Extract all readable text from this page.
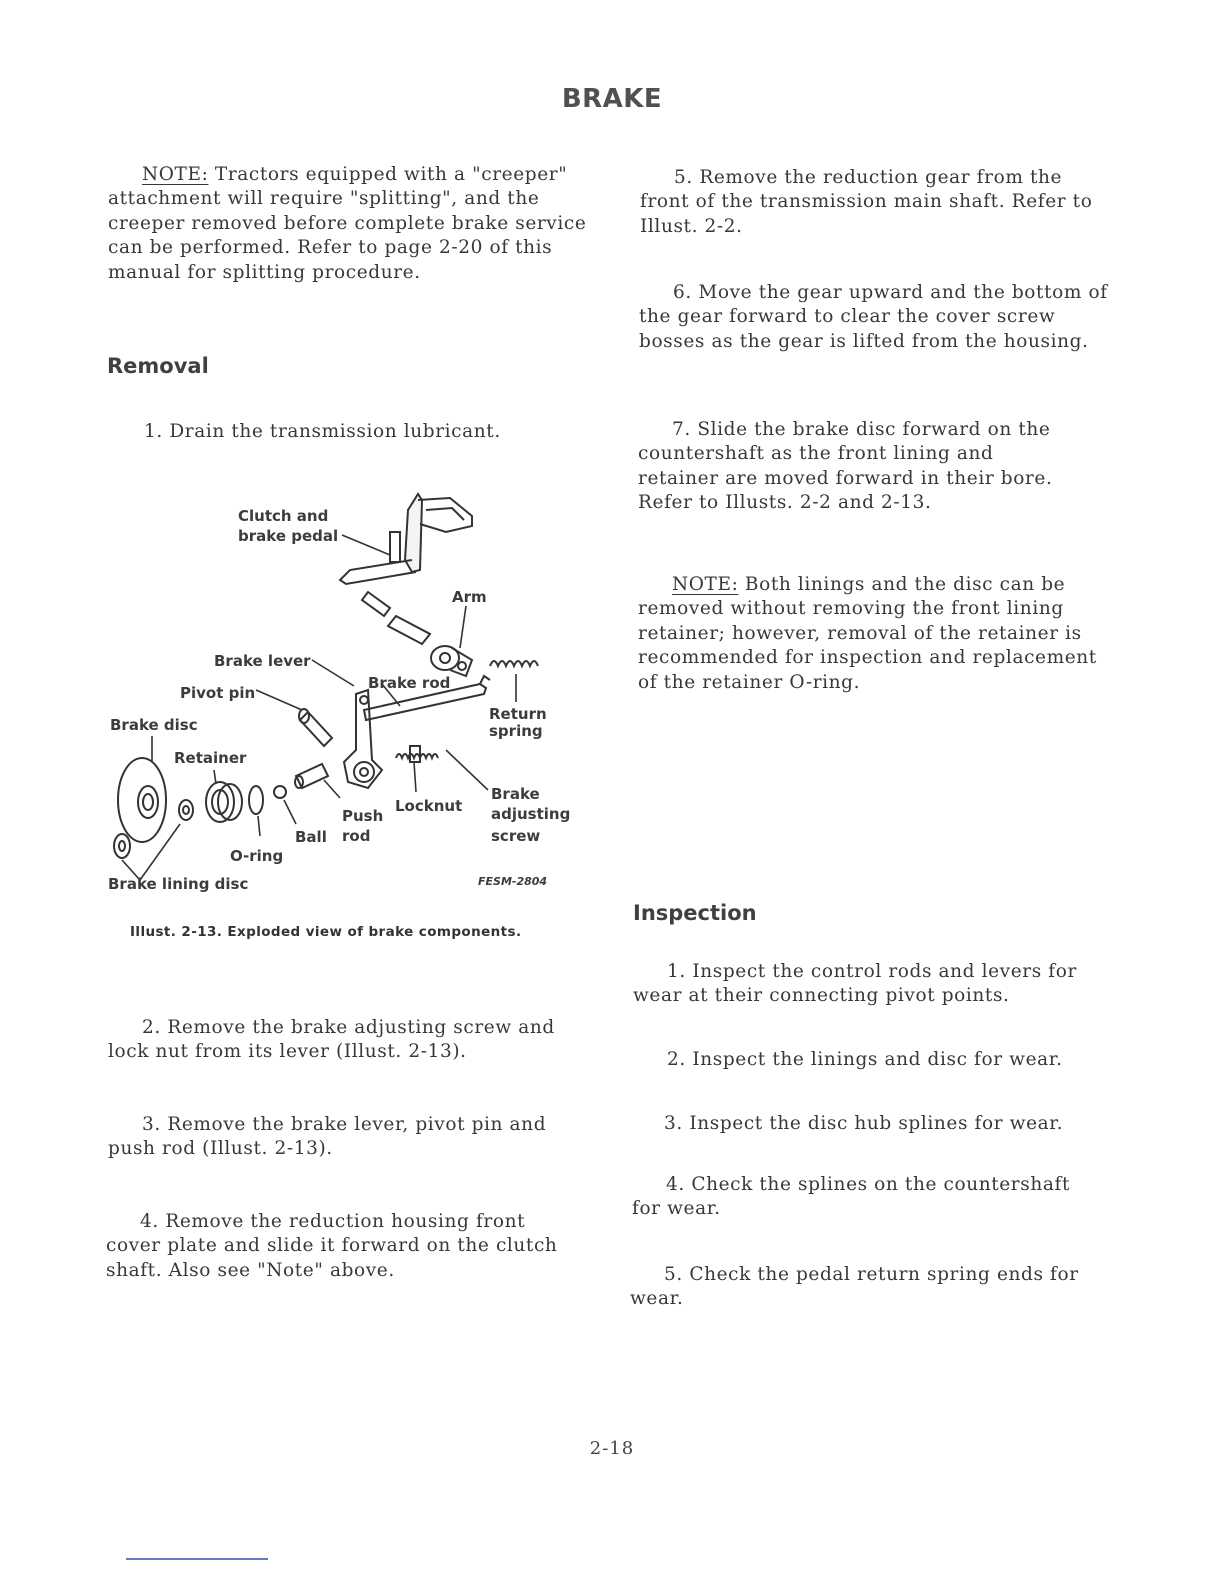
BRAKE

NOTE: Tractors equipped with a "creeper" attachment will require "splitting", and the creeper removed before complete brake service can be performed. Refer to page 2-20 of this manual for splitting procedure.

Removal

1. Drain the transmission lubricant.

Clutch and
brake pedal
Arm
Brake lever
Brake rod
Pivot pin
Return
spring
Brake disc
Retainer
Push
rod
Locknut
Brake
adjusting
screw
Ball
O-ring
Brake lining disc	FESM-2804
Illust. 2-13. Exploded view of brake components.

2. Remove the brake adjusting screw and lock nut from its lever (Illust. 2-13).

3. Remove the brake lever, pivot pin and push rod (Illust. 2-13).

4. Remove the reduction housing front cover plate and slide it forward on the clutch shaft. Also see "Note" above.

5. Remove the reduction gear from the front of the transmission main shaft. Refer to Illust. 2-2.

6. Move the gear upward and the bottom of the gear forward to clear the cover screw bosses as the gear is lifted from the housing.

7. Slide the brake disc forward on the countershaft as the front lining and retainer are moved forward in their bore. Refer to Illusts. 2-2 and 2-13.

NOTE: Both linings and the disc can be removed without removing the front lining retainer; however, removal of the retainer is recommended for inspection and replacement of the retainer O-ring.

Inspection

1. Inspect the control rods and levers for wear at their connecting pivot points.

2. Inspect the linings and disc for wear.

3. Inspect the disc hub splines for wear.

4. Check the splines on the countershaft for wear.

5. Check the pedal return spring ends for wear.

2-18
